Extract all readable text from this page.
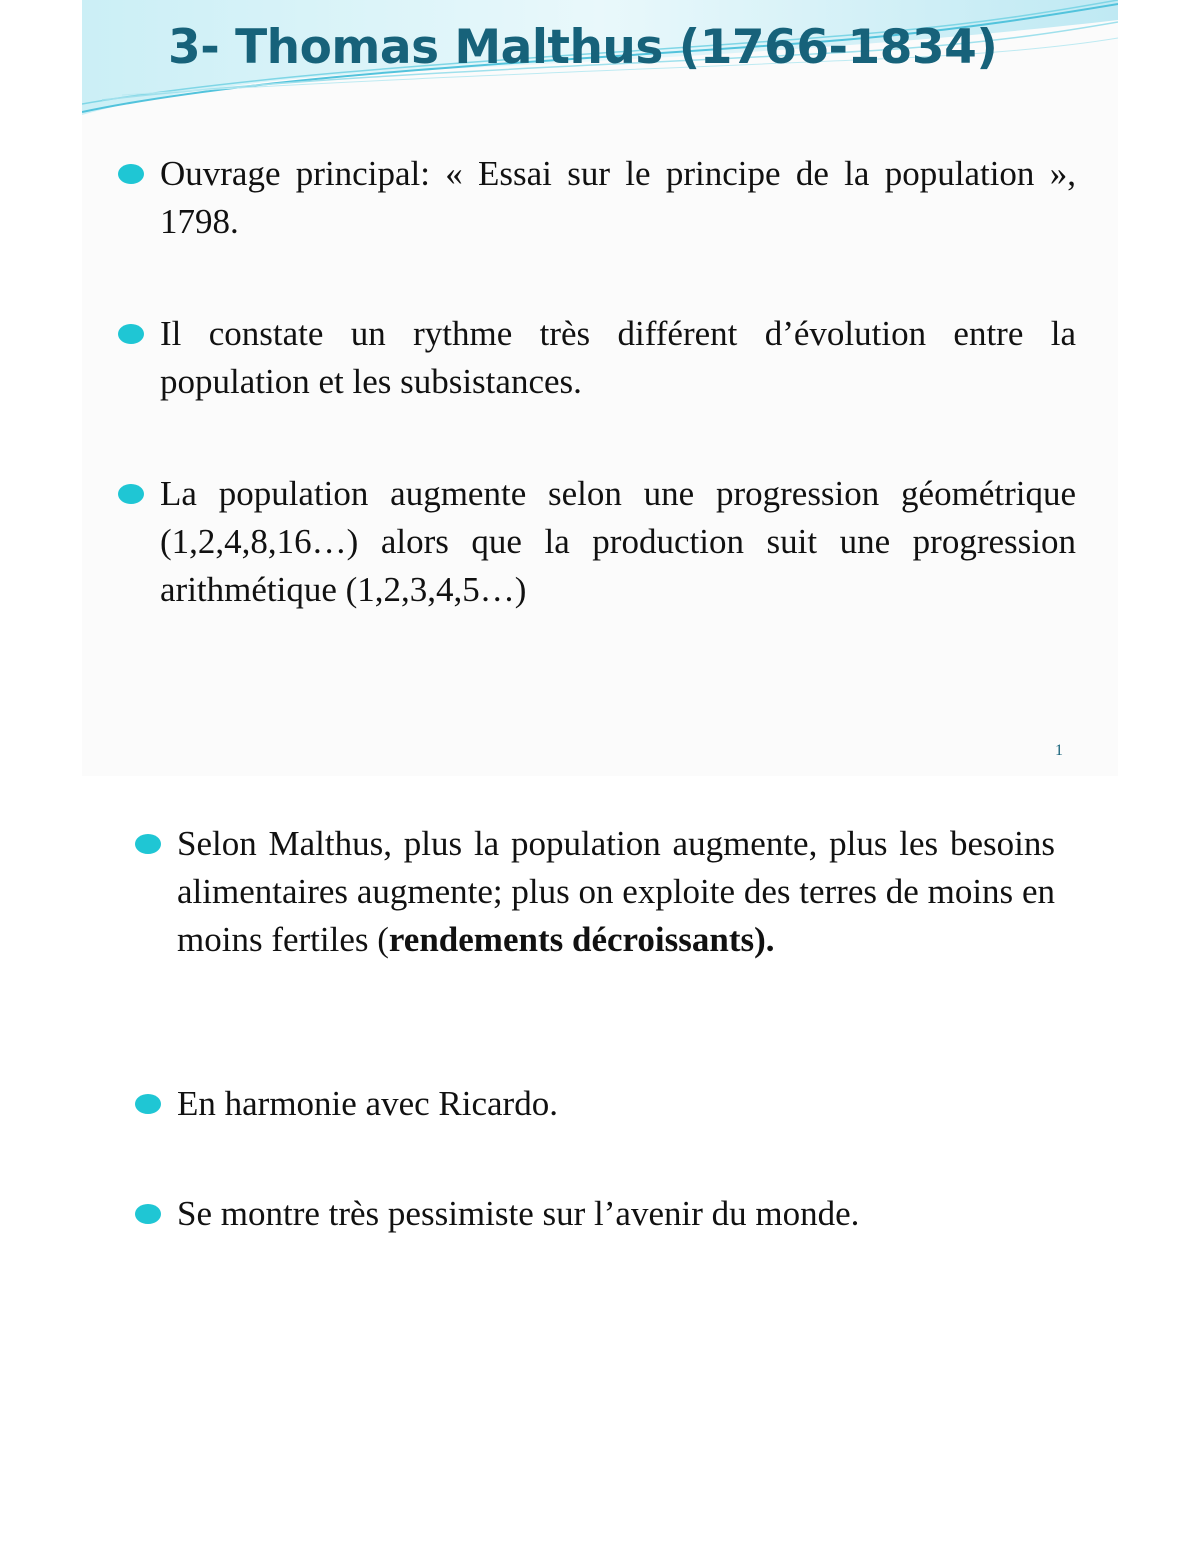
3- Thomas Malthus (1766-1834)
Ouvrage principal: « Essai sur le principe de la population », 1798.
Il constate un rythme très différent d’évolution entre la population et les subsistances.
La population augmente selon une progression géométrique (1,2,4,8,16…) alors que la production suit une progression arithmétique (1,2,3,4,5…)
1
Selon Malthus, plus la population augmente, plus les besoins alimentaires augmente; plus on exploite des terres de moins en moins fertiles (rendements décroissants).
En harmonie avec Ricardo.
Se montre très pessimiste sur l’avenir du monde.
